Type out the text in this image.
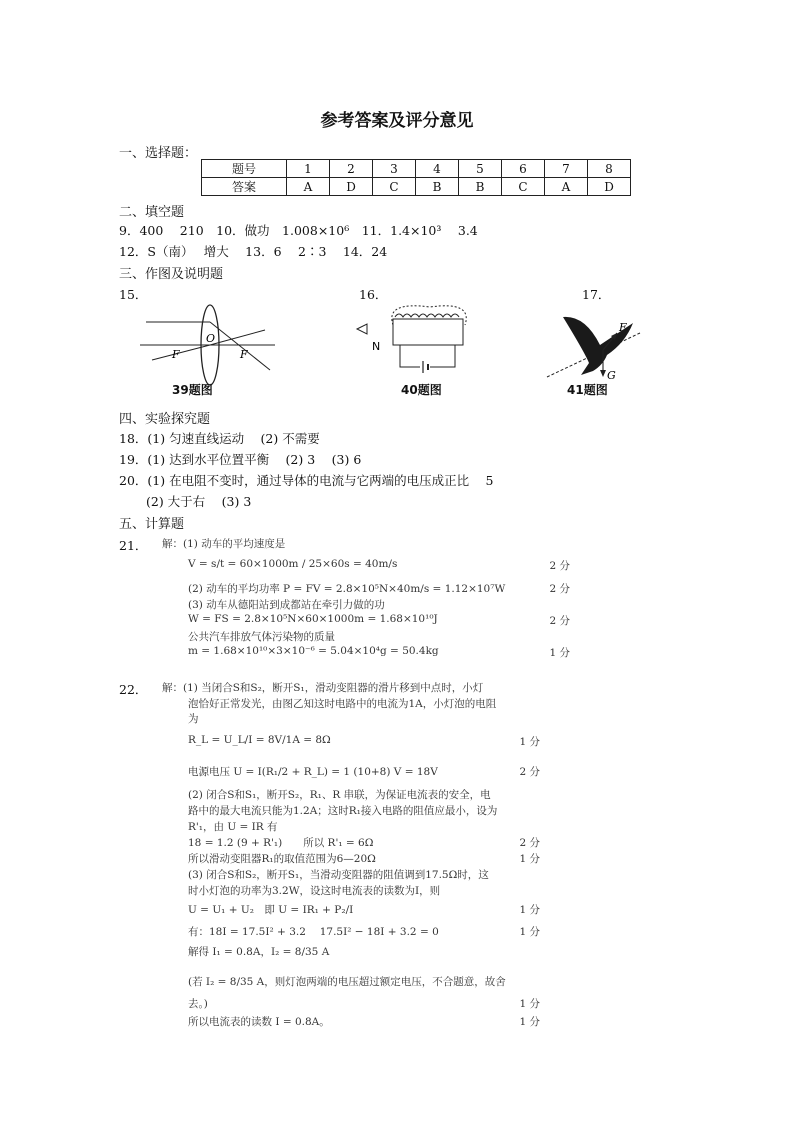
参考答案及评分意见
一、选择题：
题号	1	2	3	4	5	6	7	8
答案	A	D	C	B	B	C	A	D
二、填空题
9．400　 210　10．做功　1.008×10⁶　11．1.4×10³　 3.4
12．S（南）　 增大　 13．6　 2∶3　 14．24
三、作图及说明题
15．	16．	17．
F
O
F
39题图
N
40题图
F
G
41题图
四、实验探究题
18．(1) 匀速直线运动　 (2) 不需要
19．(1) 达到水平位置平衡　 (2) 3　 (3) 6
20．(1) 在电阻不变时，通过导体的电流与它两端的电压成正比　 5
(2) 大于右　 (3) 3
五、计算题
21． 解：(1) 动车的平均速度是
V = s/t = 60×1000m / 25×60s = 40m/s	2 分
(2) 动车的平均功率 P = FV = 2.8×10⁵N×40m/s = 1.12×10⁷W	2 分
(3) 动车从德阳站到成都站在牵引力做的功
W = FS = 2.8×10⁵N×60×1000m = 1.68×10¹⁰J	2 分
公共汽车排放气体污染物的质量
m = 1.68×10¹⁰×3×10⁻⁶ = 5.04×10⁴g = 50.4kg	1 分
22． 解：(1) 当闭合S和S₂，断开S₁，滑动变阻器的滑片移到中点时，小灯
泡恰好正常发光，由图乙知这时电路中的电流为1A，小灯泡的电阻
为
R_L = U_L/I = 8V/1A = 8Ω	1 分
电源电压 U = I(R₁/2 + R_L) = 1 (10+8) V = 18V	2 分
(2) 闭合S和S₁，断开S₂，R₁、R 串联，为保证电流表的安全，电
路中的最大电流只能为1.2A；这时R₁接入电路的阻值应最小，设为
R'₁，由 U = IR 有
18 = 1.2 (9 + R'₁)　　所以 R'₁ = 6Ω	2 分
所以滑动变阻器R₁的取值范围为6—20Ω	1 分
(3) 闭合S和S₂，断开S₁，当滑动变阻器的阻值调到17.5Ω时，这
时小灯泡的功率为3.2W，设这时电流表的读数为I，则
U = U₁ + U₂　即 U = IR₁ + P₂/I	1 分
有：18I = 17.5I² + 3.2　 17.5I² − 18I + 3.2 = 0	1 分
解得 I₁ = 0.8A，I₂ = 8/35 A
(若 I₂ = 8/35 A，则灯泡两端的电压超过额定电压，不合题意，故舍
去。)	1 分
所以电流表的读数 I = 0.8A。	1 分
